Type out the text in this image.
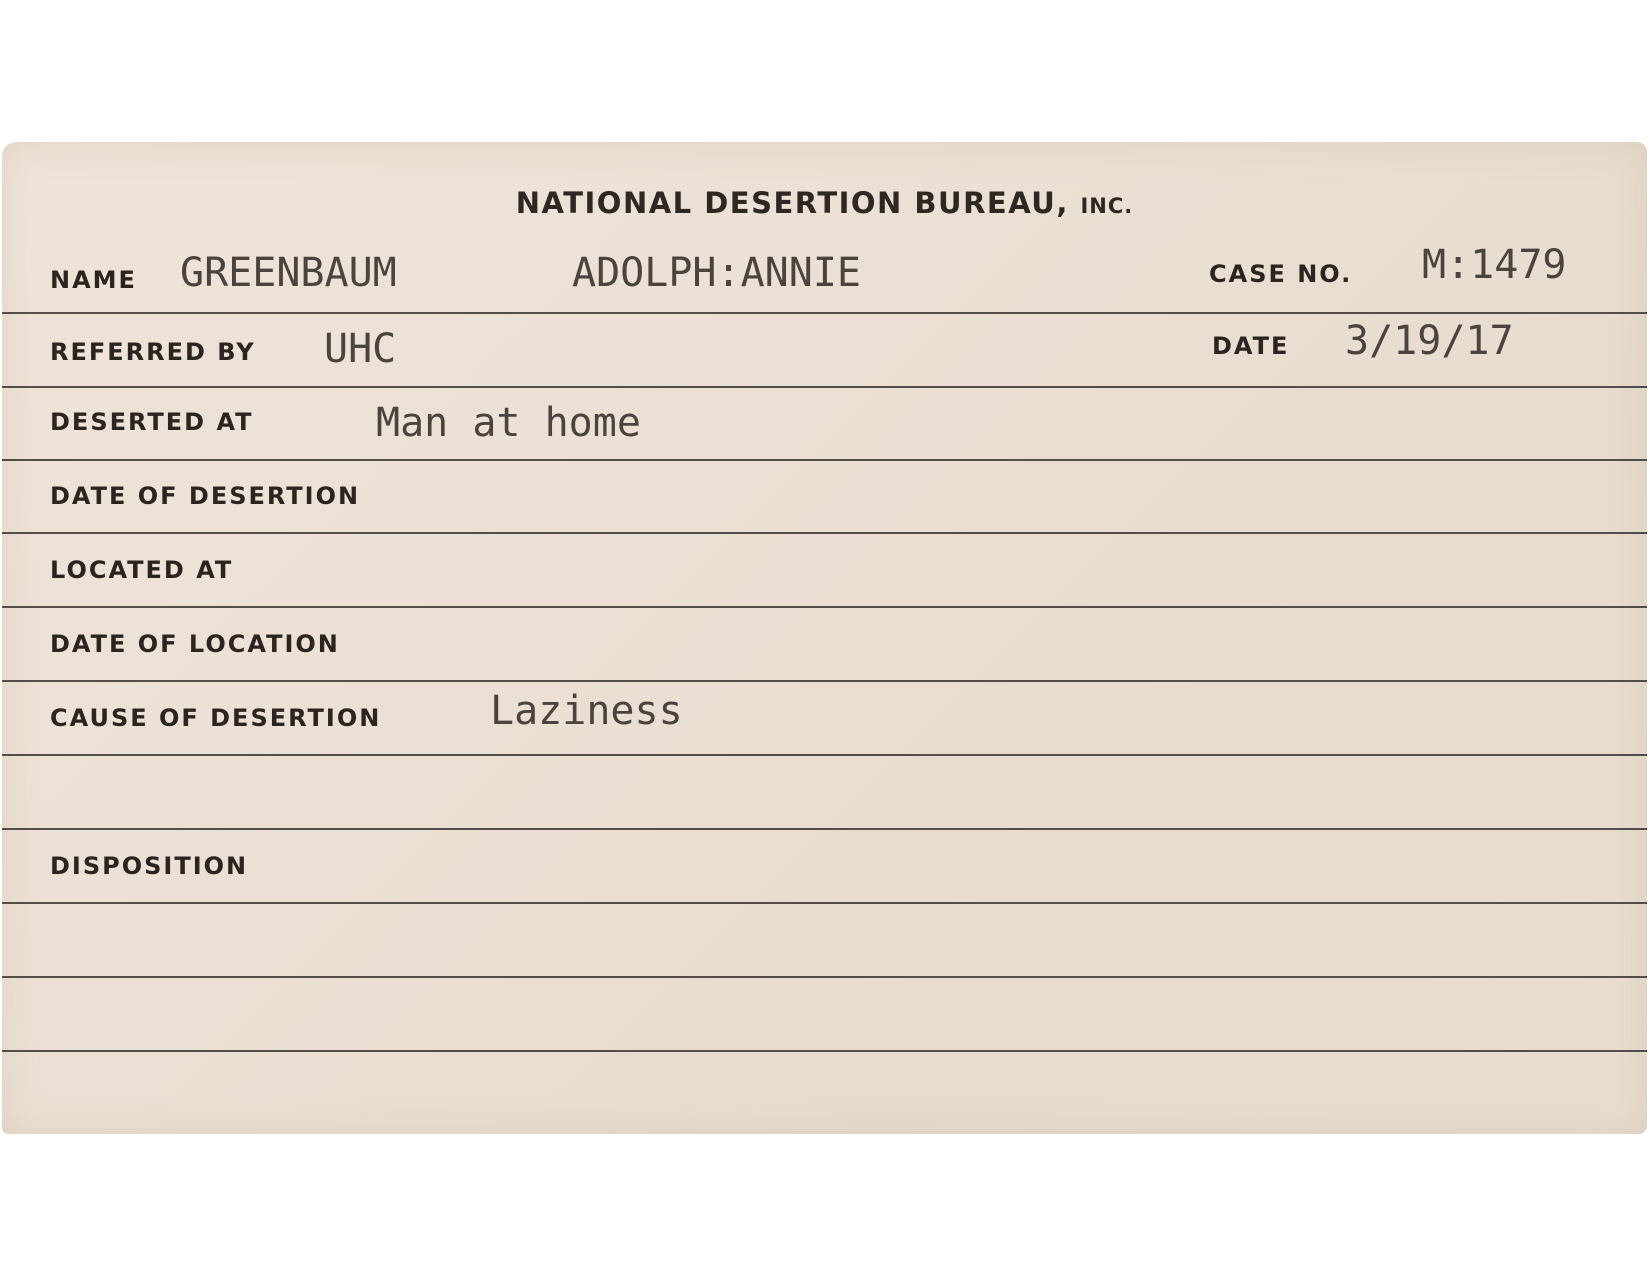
NATIONAL DESERTION BUREAU, INC.
NAME GREENBAUM	ADOLPH:ANNIE	CASE NO. M:1479
REFERRED BY UHC	DATE 3/19/17
DESERTED AT	Man at home
DATE OF DESERTION
LOCATED AT
DATE OF LOCATION
CAUSE OF DESERTION	Laziness
DISPOSITION
